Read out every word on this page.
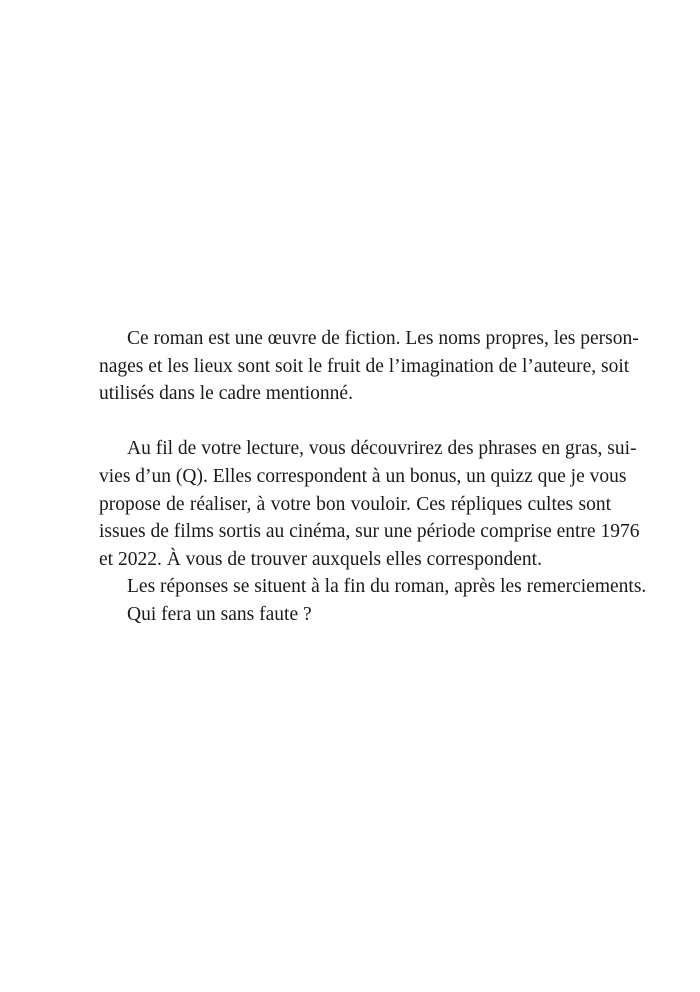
Ce roman est une œuvre de fiction. Les noms propres, les person-
nages et les lieux sont soit le fruit de l’imagination de l’auteure, soit
utilisés dans le cadre mentionné.

Au fil de votre lecture, vous découvrirez des phrases en gras, sui-
vies d’un (Q). Elles correspondent à un bonus, un quizz que je vous
propose de réaliser, à votre bon vouloir. Ces répliques cultes sont
issues de films sortis au cinéma, sur une période comprise entre 1976
et 2022. À vous de trouver auxquels elles correspondent.

Les réponses se situent à la fin du roman, après les remerciements.

Qui fera un sans faute ?
